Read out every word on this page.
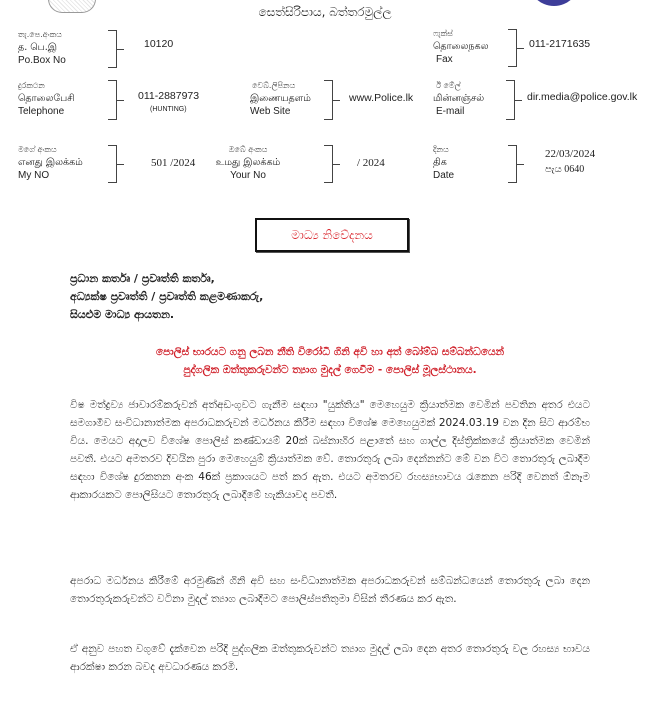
සෙත්සිරිපාය, බත්තරමුල්ල
තැ.පෙ.අංකය
த. பெ.இ
Po.Box No
10120
ෆැක්ස්
தொலைநகல
Fax
011-2171635
දුරකථන
தொலைபேசி
Telephone
011-2887973
(HUNTING)
වෙබ්.ලිපිනය
இணையதளம்
Web Site
www.Police.lk
ඊ මේල්
மின்னஞ்சல்
E-mail
dir.media@police.gov.lk
මගේ අංකය
எனது இலக்கம்
My NO
501 /2024
ඔබේ අංකය
உமது இலக்கம்
Your No
/ 2024
දිනය
திக
Date
22/03/2024
පැය 0640
මාධ්‍ය නිවේදනය
ප්‍රධාන කර්තෘ / ප්‍රවෘත්ති කර්තෘ,
අධ්‍යක්ෂ ප්‍රවෘත්ති / ප්‍රවෘත්ති කළමණාකරු,
සියළුම මාධ්‍ය ආයතන.
පොලිස් භාරයට ගනු ලබන නීති විරෝධී ගිනි අවි හා අත් බෝම්බ සම්බන්ධයෙන්
පුද්ගලික ඔත්තුකරුවන්ට ත්‍යාග මුදල් ගෙවීම - පොලිස් මූලස්ථානය.
විෂ මත්ද්‍රව්‍ය ජාවාරම්කරුවන් අත්අඩංගුවට ගැනීම සඳහා "යුක්තිය" මෙහෙයුම ක්‍රියාත්මක වෙමින් පවතින අතර එයට සමගාමීව සංවිධානාත්මක අපරාධකරුවන් මර්ධනය කිරීම සඳහා විශේෂ මෙහෙයුමක් 2024.03.19 වන දින සිට ආරම්භ විය. මෙයට අදාලව විශේෂ පොලිස් කණ්ඩායම් 20ක් බස්නාහිර පළාතේ සහ ගාල්ල දිස්ත්‍රික්කයේ ක්‍රියාත්මක වෙමින් පවතී. එයට අමතරව දිවයින පුරා මෙහෙයුම් ක්‍රියාත්මක වේ. තොරතුරු ලබා දෙන්නන්ට මේ වන විට තොරතුරු ලබාදීම සඳහා විශේෂ දුරකතන අංක 46ක් ප්‍රකාශයට පත් කර ඇත. එයට අමතරව රහස්‍යභාවය රැකෙන පරිදි වෙනත් ඕනෑම ආකාරයකට පොලිසියට තොරතුරු ලබාදීමේ හැකියාවද පවතී.
අපරාධ මර්ධනය කිරීමේ අරමුණින් ගිනි අවි සහ සංවිධානාත්මක අපරාධකරුවන් සම්බන්ධයෙන් තොරතුරු ලබා දෙන තොරතුරුකරුවන්ට වටිනා මුදල් ත්‍යාග ලබාදීමට පොලිස්පතිතුමා විසින් තීරණය කර ඇත.
ඒ අනුව පහත වගුවේ දැක්වෙන පරිදි පුද්ගලික ඔත්තුකරුවන්ට ත්‍යාග මුදල් ලබා දෙන අතර තොරතුරු වල රහස්‍ය භාවය ආරක්ෂා කරන බවද අවධාරණය කරමි.
